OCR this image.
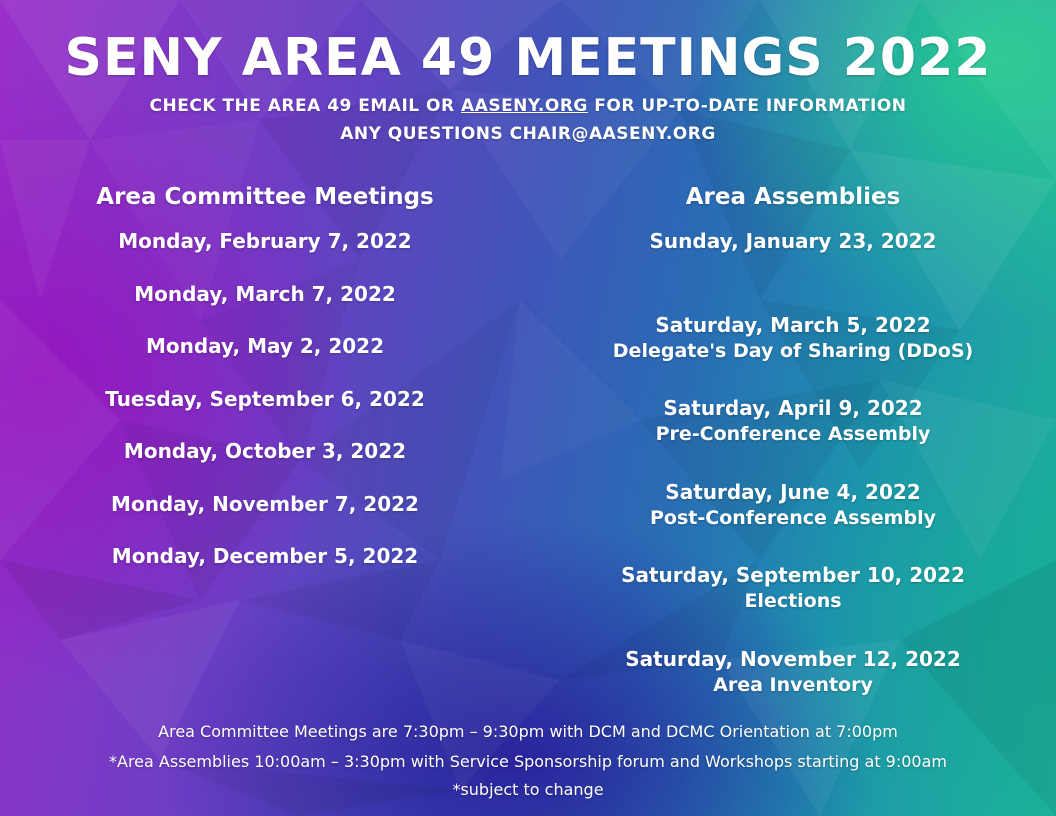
SENY AREA 49 MEETINGS 2022
CHECK THE AREA 49 EMAIL OR AASENY.ORG FOR UP-TO-DATE INFORMATION
ANY QUESTIONS CHAIR@AASENY.ORG
Area Committee Meetings
Monday, February 7, 2022
Monday, March 7, 2022
Monday, May 2, 2022
Tuesday, September 6, 2022
Monday, October 3, 2022
Monday, November 7, 2022
Monday, December 5, 2022
Area Assemblies
Sunday, January 23, 2022
Saturday, March 5, 2022
Delegate's Day of Sharing (DDoS)
Saturday, April 9, 2022
Pre-Conference Assembly
Saturday, June 4, 2022
Post-Conference Assembly
Saturday, September 10, 2022
Elections
Saturday, November 12, 2022
Area Inventory
Area Committee Meetings are 7:30pm – 9:30pm with DCM and DCMC Orientation at 7:00pm
*Area Assemblies 10:00am – 3:30pm with Service Sponsorship forum and Workshops starting at 9:00am
*subject to change
